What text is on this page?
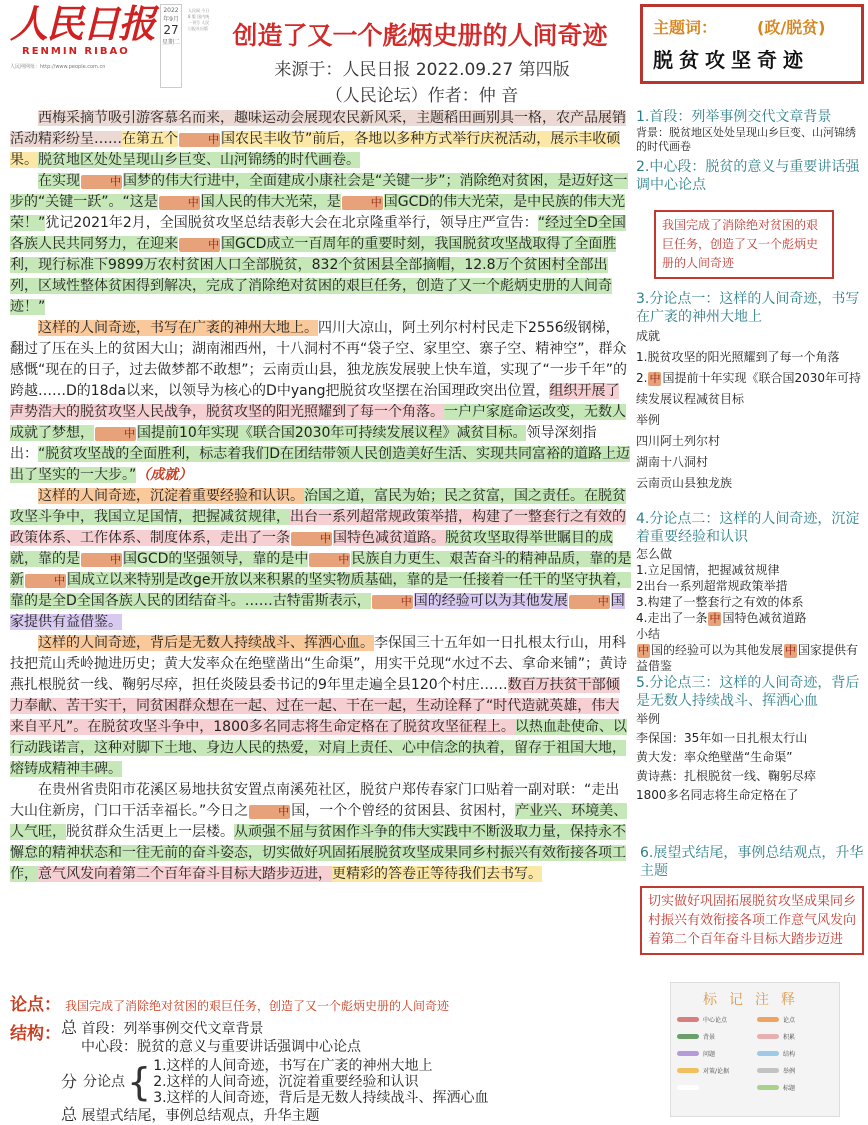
人民日报
RENMIN RIBAO
人民网网址：http://www.people.com.cn
2022年9月
27
星期二
人民网 今日 8 版 国内统一刊号 人民日报社出版 创造了又一个彪炳史册的人间奇迹
来源于：人民日报 2022.09.27 第四版
（人民论坛）作者：仲 音
主题词：	(政/脱贫)
脱贫攻坚奇迹

西梅采摘节吸引游客慕名而来，趣味运动会展现农民新风采，主题稻田画别具一格，农产品展销活动精彩纷呈……在第五个	中 国农民丰收节”前后，各地以多种方式举行庆祝活动，展示丰收硕果。脱贫地区处处呈现山乡巨变、山河锦绣的时代画卷。

在实现	中 国梦的伟大行进中，全面建成小康社会是“关键一步”；消除绝对贫困，是迈好这一步的“关键一跃”。“这是	中 国人民的伟大光荣，是	中 国GCD的伟大光荣，是中民族的伟大光荣！”犹记2021年2月，全国脱贫攻坚总结表彰大会在北京隆重举行，领导庄严宣告：“经过全D全国各族人民共同努力，在迎来	中 国GCD成立一百周年的重要时刻，我国脱贫攻坚战取得了全面胜利，现行标准下9899万农村贫困人口全部脱贫，832个贫困县全部摘帽，12.8万个贫困村全部出列，区域性整体贫困得到解决，完成了消除绝对贫困的艰巨任务，创造了又一个彪炳史册的人间奇迹！”

这样的人间奇迹，书写在广袤的神州大地上。四川大凉山，阿土列尔村村民走下2556级钢梯，翻过了压在头上的贫困大山；湖南湘西州，十八洞村不再“袋子空、家里空、寨子空、精神空”，群众感慨“现在的日子，过去做梦都不敢想”；云南贡山县，独龙族发展驶上快车道，实现了“一步千年”的跨越……D的18da以来，以领导为核心的D中yang把脱贫攻坚摆在治国理政突出位置，组织开展了声势浩大的脱贫攻坚人民战争，脱贫攻坚的阳光照耀到了每一个角落。一户户家庭命运改变，无数人成就了梦想，	中 国提前10年实现《联合国2030年可持续发展议程》减贫目标。领导深刻指出：“脱贫攻坚战的全面胜利，标志着我们D在团结带领人民创造美好生活、实现共同富裕的道路上迈出了坚实的一大步。”（成就）

这样的人间奇迹，沉淀着重要经验和认识。治国之道，富民为始；民之贫富，国之责任。在脱贫攻坚斗争中，我国立足国情，把握减贫规律，出台一系列超常规政策举措，构建了一整套行之有效的政策体系、工作体系、制度体系，走出了一条	中 国特色减贫道路。脱贫攻坚取得举世瞩目的成就，靠的是	中 国GCD的坚强领导，靠的是中	中 民族自力更生、艰苦奋斗的精神品质，靠的是新	中 国成立以来特别是改ge开放以来积累的坚实物质基础，靠的是一任接着一任干的坚守执着，靠的是全D全国各族人民的团结奋斗。……古特雷斯表示，	中 国的经验可以为其他发展	中 国家提供有益借鉴。

这样的人间奇迹，背后是无数人持续战斗、挥洒心血。李保国三十五年如一日扎根太行山，用科技把荒山秃岭抛进历史；黄大发率众在绝壁凿出“生命渠”，用实干兑现“水过不去、拿命来铺”；黄诗燕扎根脱贫一线、鞠躬尽瘁，担任炎陵县委书记的9年里走遍全县120个村庄……数百万扶贫干部倾力奉献、苦干实干，同贫困群众想在一起、过在一起、干在一起，生动诠释了“时代造就英雄，伟大来自平凡”。在脱贫攻坚斗争中，1800多名同志将生命定格在了脱贫攻坚征程上。以热血赴使命、以行动践诺言，这种对脚下土地、身边人民的热爱，对肩上责任、心中信念的执着，留存于祖国大地，熔铸成精神丰碑。

在贵州省贵阳市花溪区易地扶贫安置点南溪苑社区，脱贫户郑传春家门口贴着一副对联：“走出大山住新房，门口干活幸福长。”今日之	中 国，一个个曾经的贫困县、贫困村，产业兴、环境美、人气旺，脱贫群众生活更上一层楼。从顽强不屈与贫困作斗争的伟大实践中不断汲取力量，保持永不懈怠的精神状态和一往无前的奋斗姿态，切实做好巩固拓展脱贫攻坚成果同乡村振兴有效衔接各项工作，意气风发向着第二个百年奋斗目标大踏步迈进，更精彩的答卷正等待我们去书写。

1.首段：列举事例交代文章背景
背景：脱贫地区处处呈现山乡巨变、山河锦绣的时代画卷
2.中心段：脱贫的意义与重要讲话强调中心论点
我国完成了消除绝对贫困的艰巨任务，创造了又一个彪炳史册的人间奇迹
3.分论点一：这样的人间奇迹，书写在广袤的神州大地上
成就
1.脱贫攻坚的阳光照耀到了每一个角落
2. 中 国提前十年实现《联合国2030年可持续发展议程减贫目标
举例
四川阿土列尔村
湖南十八洞村
云南贡山县独龙族
4.分论点二：这样的人间奇迹，沉淀着重要经验和认识
怎么做
1.立足国情，把握减贫规律
2出台一系列超常规政策举措
3.构建了一整套行之有效的体系
4.走出了一条 中 国特色减贫道路
小结
中 国的经验可以为其他发展 中 国家提供有益借鉴
5.分论点三：这样的人间奇迹，背后是无数人持续战斗、挥洒心血
举例
李保国：35年如一日扎根太行山
黄大发：率众绝壁凿“生命渠”
黄诗燕：扎根脱贫一线、鞠躬尽瘁
1800多名同志将生命定格在了
6.展望式结尾，事例总结观点，升华主题
切实做好巩固拓展脱贫攻坚成果同乡村振兴有效衔接各项工作意气风发向着第二个百年奋斗目标大踏步迈进
标记注释
中心论点	论点
背景	积累
问题	结构
对策/论据	举例
标题
论点： 我国完成了消除绝对贫困的艰巨任务，创造了又一个彪炳史册的人间奇迹
结构： 总 首段：列举事例交代文章背景
中心段：脱贫的意义与重要讲话强调中心论点
分 分论点 { 1.这样的人间奇迹，书写在广袤的神州大地上
2.这样的人间奇迹，沉淀着重要经验和认识
3.这样的人间奇迹，背后是无数人持续战斗、挥洒心血
总 展望式结尾，事例总结观点，升华主题
